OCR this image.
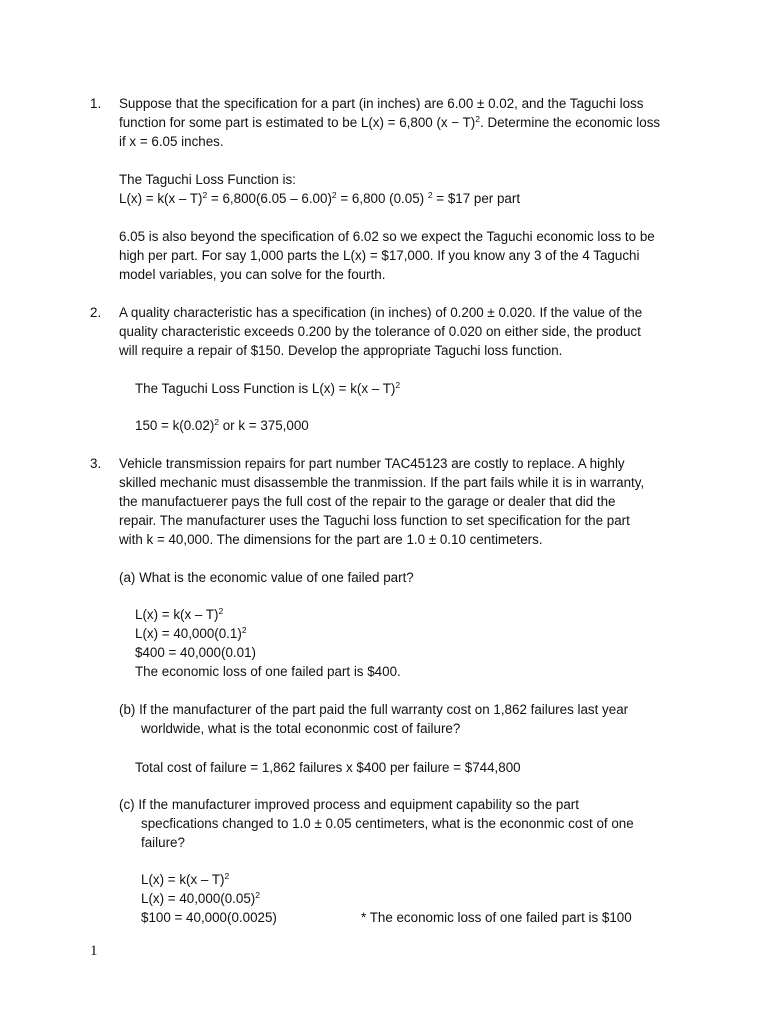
1. Suppose that the specification for a part (in inches) are 6.00 ± 0.02, and the Taguchi loss
function for some part is estimated to be L(x) = 6,800 $(x - T)^2$. Determine the economic loss
if x = 6.05 inches.
The Taguchi Loss Function is:
L(x) = k(x – T)$^2$ = 6,800(6.05 – 6.00)$^2$ = 6,800 (0.05) $^2$ = $17 per part
6.05 is also beyond the specification of 6.02 so we expect the Taguchi economic loss to be
high per part. For say 1,000 parts the L(x) = $17,000. If you know any 3 of the 4 Taguchi
model variables, you can solve for the fourth.
2. A quality characteristic has a specification (in inches) of 0.200 ± 0.020. If the value of the
quality characteristic exceeds 0.200 by the tolerance of 0.020 on either side, the product
will require a repair of $150. Develop the appropriate Taguchi loss function.
The Taguchi Loss Function is L(x) = k(x – T)$^2$
$150 = k(0.02)^2$ or k = 375,000
3. Vehicle transmission repairs for part number TAC45123 are costly to replace. A highly
skilled mechanic must disassemble the tranmission. If the part fails while it is in warranty,
the manufactuerer pays the full cost of the repair to the garage or dealer that did the
repair. The manufacturer uses the Taguchi loss function to set specification for the part
with k = 40,000. The dimensions for the part are 1.0 ± 0.10 centimeters.
(a) What is the economic value of one failed part?
L(x) = k(x – T)$^2$
$L(x) = 40,000(0.1)^2$
$400 = 40,000(0.01)
The economic loss of one failed part is $400.
(b) If the manufacturer of the part paid the full warranty cost on 1,862 failures last year
worldwide, what is the total econonmic cost of failure?
Total cost of failure = 1,862 failures x $400 per failure = $744,800
(c) If the manufacturer improved process and equipment capability so the part
specfications changed to 1.0 ± 0.05 centimeters, what is the econonmic cost of one
failure?
L(x) = k(x – T)$^2$
$L(x) = 40,000(0.05)^2$
$100 = 40,000(0.0025)	* The economic loss of one failed part is $100
1
